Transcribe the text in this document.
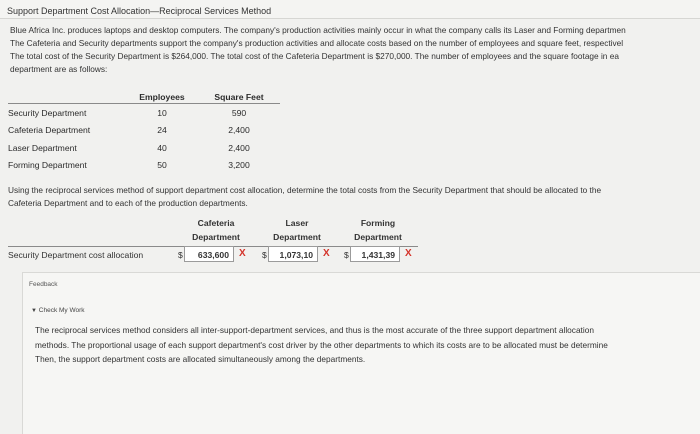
Support Department Cost Allocation—Reciprocal Services Method
Blue Africa Inc. produces laptops and desktop computers. The company's production activities mainly occur in what the company calls its Laser and Forming departmen
The Cafeteria and Security departments support the company's production activities and allocate costs based on the number of employees and square feet, respectivel
The total cost of the Security Department is $264,000. The total cost of the Cafeteria Department is $270,000. The number of employees and the square footage in ea
department are as follows:
	Employees	Square Feet
Security Department	10	590
Cafeteria Department	24	2,400
Laser Department	40	2,400
Forming Department	50	3,200
Using the reciprocal services method of support department cost allocation, determine the total costs from the Security Department that should be allocated to the
Cafeteria Department and to each of the production departments.
Cafeteria
Department
Laser
Department
Forming
Department
Security Department cost allocation	$	633,600	X $	1,073,10	X $	1,431,39	X
Feedback
▼ Check My Work
The reciprocal services method considers all inter-support-department services, and thus is the most accurate of the three support department allocation
methods. The proportional usage of each support department's cost driver by the other departments to which its costs are to be allocated must be determine
Then, the support department costs are allocated simultaneously among the departments.
